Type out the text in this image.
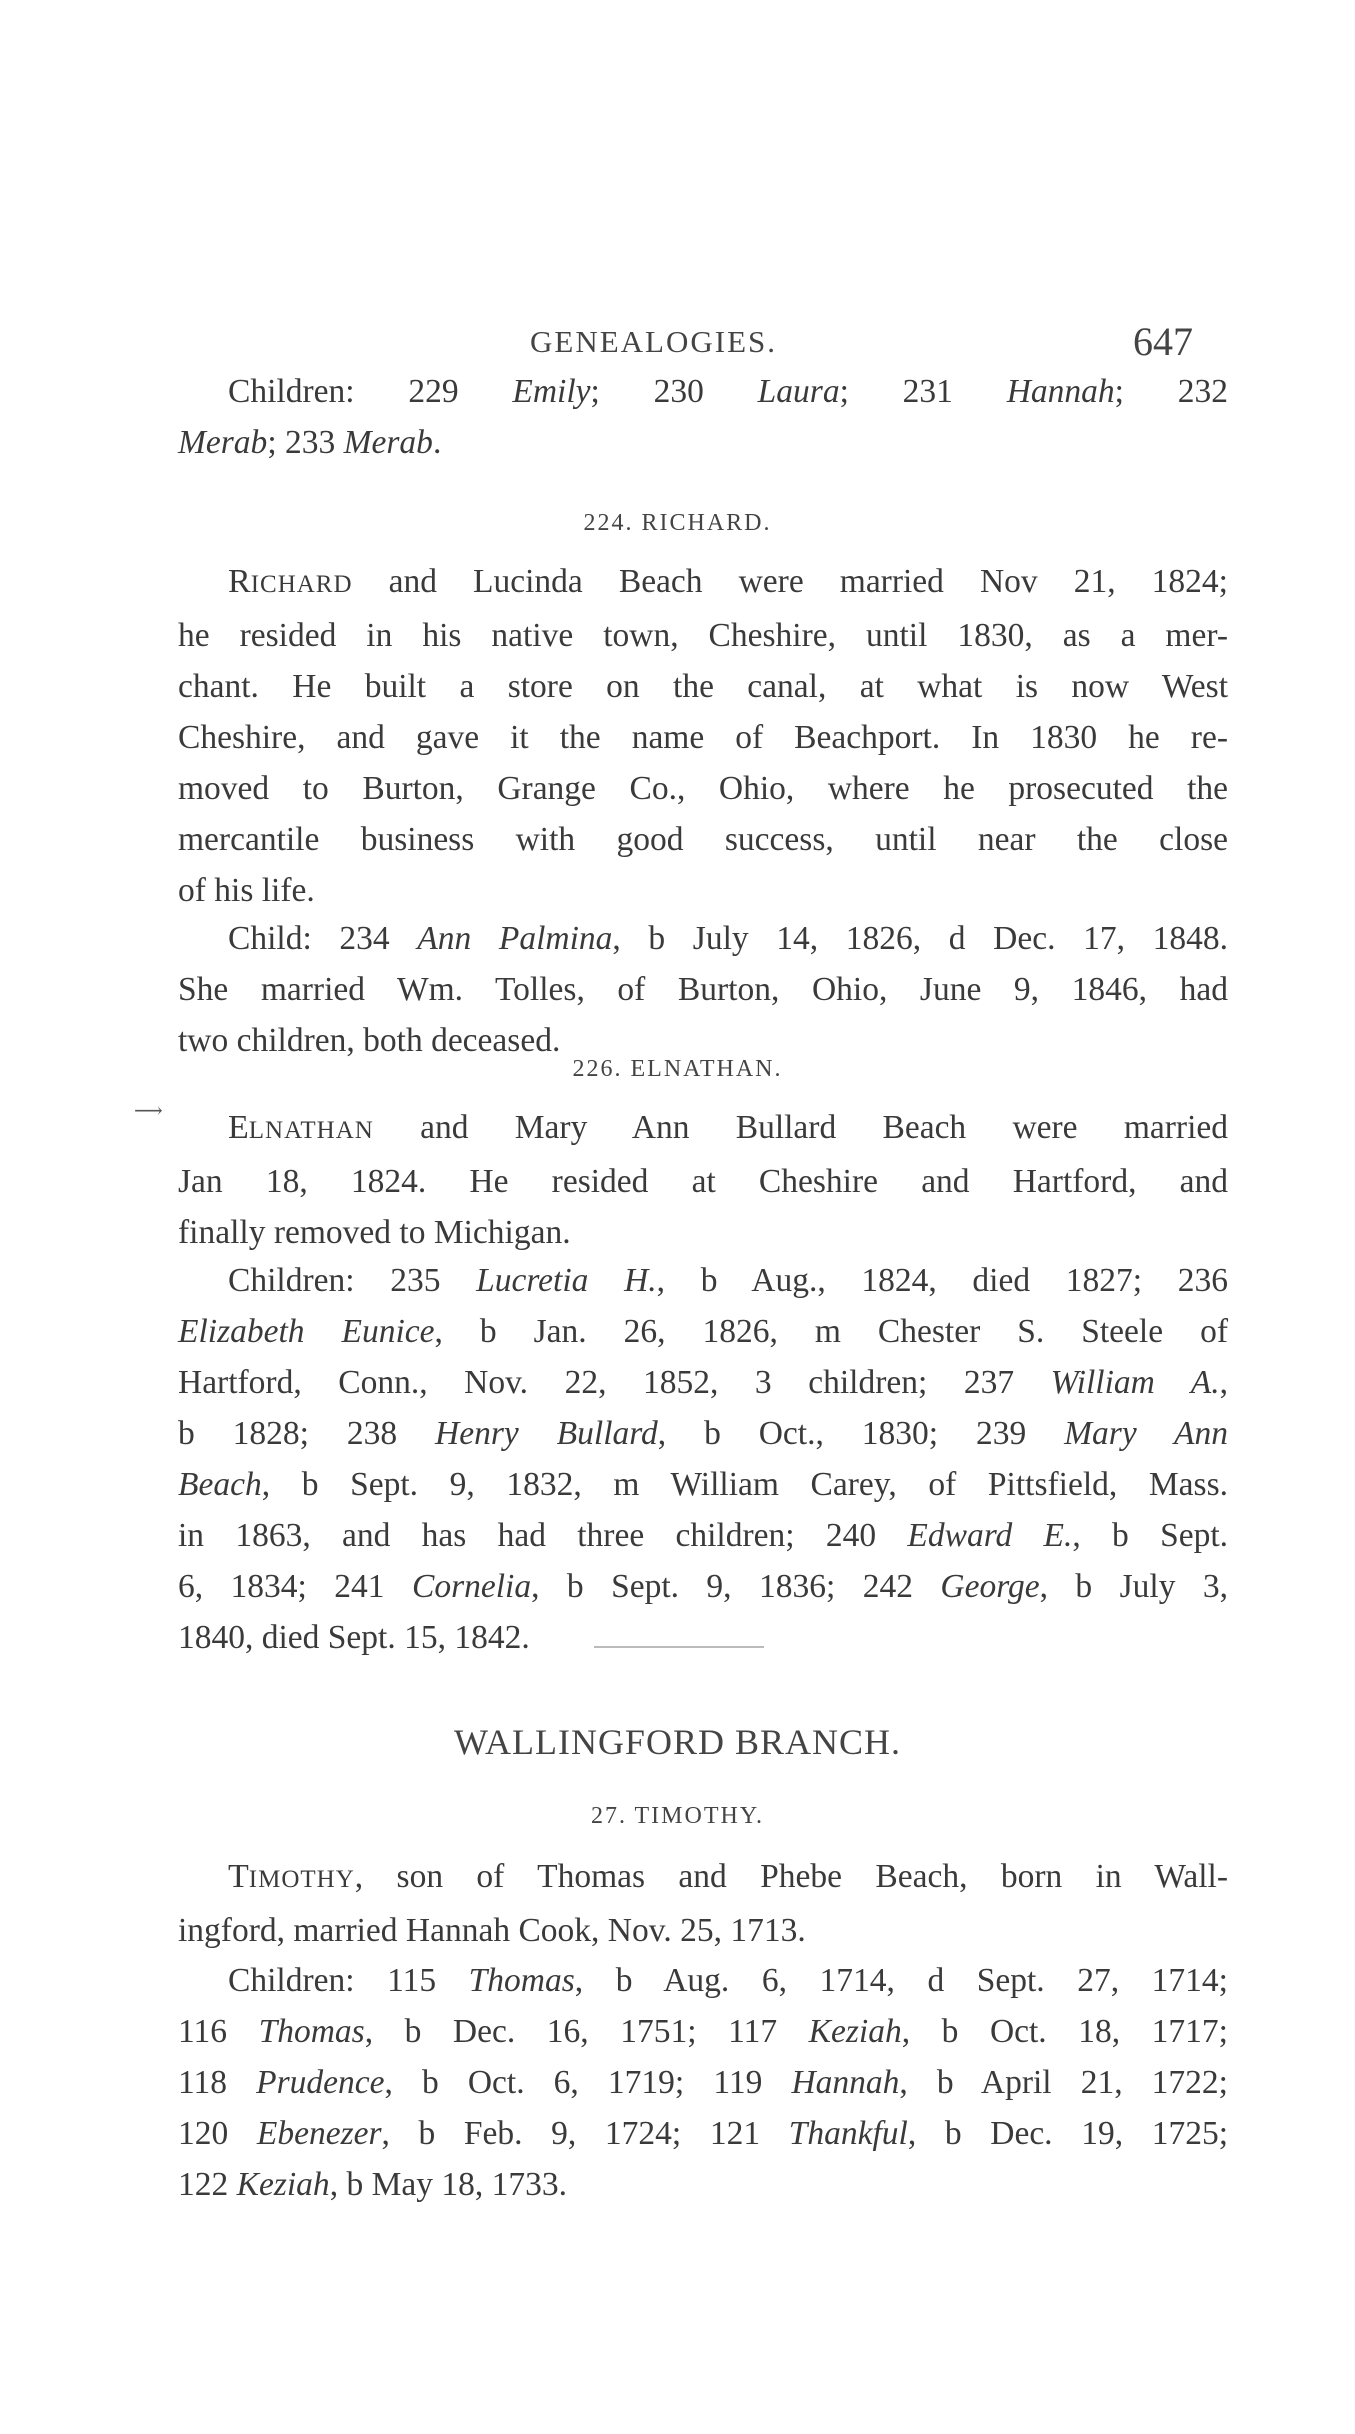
GENEALOGIES.	647
Children: 229 Emily; 230 Laura; 231 Hannah; 232
Merab; 233 Merab.
224. RICHARD.
RICHARD and Lucinda Beach were married Nov 21, 1824;
he resided in his native town, Cheshire, until 1830, as a mer-
chant. He built a store on the canal, at what is now West
Cheshire, and gave it the name of Beachport. In 1830 he re-
moved to Burton, Grange Co., Ohio, where he prosecuted the
mercantile business with good success, until near the close
of his life.
Child: 234 Ann Palmina, b July 14, 1826, d Dec. 17, 1848.
She married Wm. Tolles, of Burton, Ohio, June 9, 1846, had
two children, both deceased.
226. ELNATHAN.
⟶	ELNATHAN and Mary Ann Bullard Beach were married
Jan 18, 1824. He resided at Cheshire and Hartford, and
finally removed to Michigan.
Children: 235 Lucretia H., b Aug., 1824, died 1827; 236
Elizabeth Eunice, b Jan. 26, 1826, m Chester S. Steele of
Hartford, Conn., Nov. 22, 1852, 3 children; 237 William A.,
b 1828; 238 Henry Bullard, b Oct., 1830; 239 Mary Ann
Beach, b Sept. 9, 1832, m William Carey, of Pittsfield, Mass.
in 1863, and has had three children; 240 Edward E., b Sept.
6, 1834; 241 Cornelia, b Sept. 9, 1836; 242 George, b July 3,
1840, died Sept. 15, 1842.
WALLINGFORD BRANCH.
27. TIMOTHY.
TIMOTHY, son of Thomas and Phebe Beach, born in Wall-
ingford, married Hannah Cook, Nov. 25, 1713.
Children: 115 Thomas, b Aug. 6, 1714, d Sept. 27, 1714;
116 Thomas, b Dec. 16, 1751; 117 Keziah, b Oct. 18, 1717;
118 Prudence, b Oct. 6, 1719; 119 Hannah, b April 21, 1722;
120 Ebenezer, b Feb. 9, 1724; 121 Thankful, b Dec. 19, 1725;
122 Keziah, b May 18, 1733.
